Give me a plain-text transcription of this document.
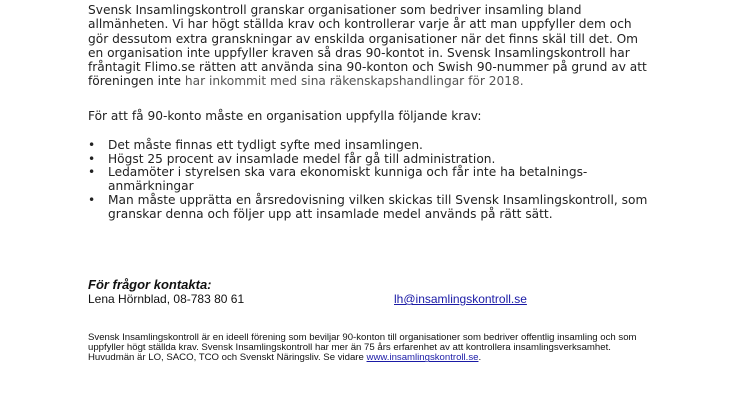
Svensk Insamlingskontroll granskar organisationer som bedriver insamling bland allmänheten. Vi har högt ställda krav och kontrollerar varje år att man uppfyller dem och gör dessutom extra granskningar av enskilda organisationer när det finns skäl till det. Om en organisation inte uppfyller kraven så dras 90-kontot in. Svensk Insamlingskontroll har fråntagit Flimo.se rätten att använda sina 90-konton och Swish 90-nummer på grund av att föreningen inte har inkommit med sina räkenskapshandlingar för 2018.

För att få 90-konto måste en organisation uppfylla följande krav:

• Det måste finnas ett tydligt syfte med insamlingen.
• Högst 25 procent av insamlade medel får gå till administration.
• Ledamöter i styrelsen ska vara ekonomiskt kunniga och får inte ha betalnings-anmärkningar
• Man måste upprätta en årsredovisning vilken skickas till Svensk Insamlingskontroll, som granskar denna och följer upp att insamlade medel används på rätt sätt.
För frågor kontakta:
Lena Hörnblad, 08-783 80 61	lh@insamlingskontroll.se

Svensk Insamlingskontroll är en ideell förening som beviljar 90-konton till organisationer som bedriver offentlig insamling och som uppfyller högt ställda krav. Svensk Insamlingskontroll har mer än 75 års erfarenhet av att kontrollera insamlingsverksamhet. Huvudmän är LO, SACO, TCO och Svenskt Näringsliv. Se vidare www.insamlingskontroll.se.
